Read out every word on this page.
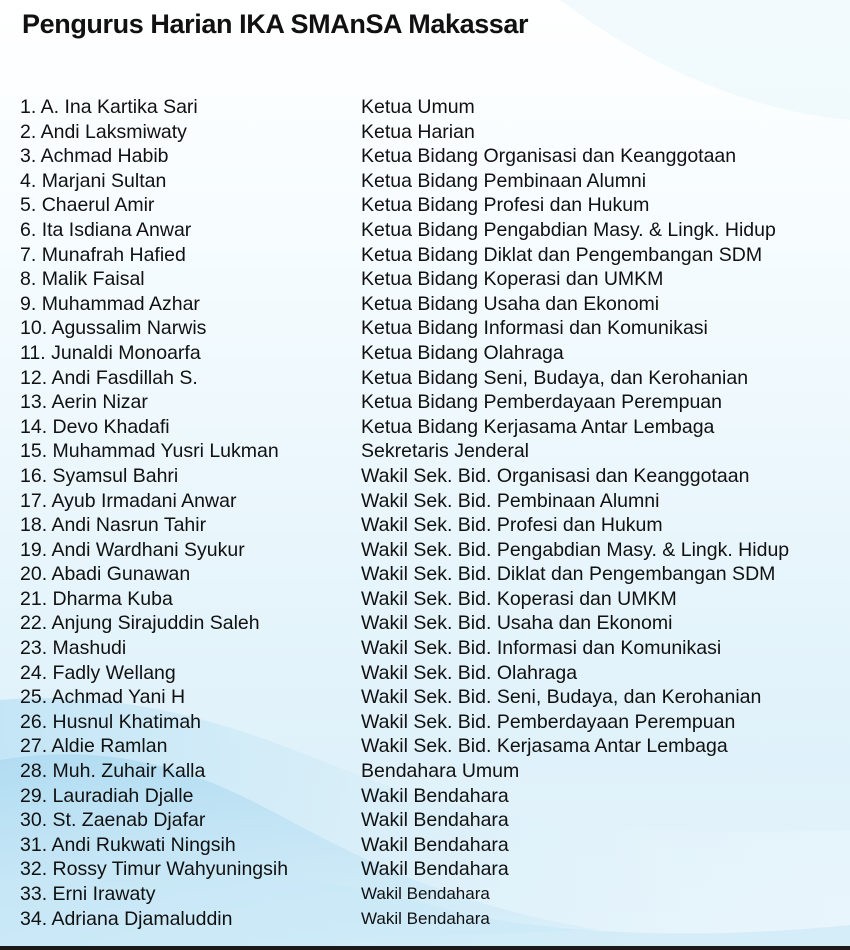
Pengurus Harian IKA SMAnSA Makassar
1. A. Ina Kartika Sari	Ketua Umum
2. Andi Laksmiwaty	Ketua Harian
3. Achmad Habib	Ketua Bidang Organisasi dan Keanggotaan
4. Marjani Sultan	Ketua Bidang Pembinaan Alumni
5. Chaerul Amir	Ketua Bidang Profesi dan Hukum
6. Ita Isdiana Anwar	Ketua Bidang Pengabdian Masy. & Lingk. Hidup
7. Munafrah Hafied	Ketua Bidang Diklat dan Pengembangan SDM
8. Malik Faisal	Ketua Bidang Koperasi dan UMKM
9. Muhammad Azhar	Ketua Bidang Usaha dan Ekonomi
10. Agussalim Narwis	Ketua Bidang Informasi dan Komunikasi
11. Junaldi Monoarfa	Ketua Bidang Olahraga
12. Andi Fasdillah S.	Ketua Bidang Seni, Budaya, dan Kerohanian
13. Aerin Nizar	Ketua Bidang Pemberdayaan Perempuan
14. Devo Khadafi	Ketua Bidang Kerjasama Antar Lembaga
15. Muhammad Yusri Lukman	Sekretaris Jenderal
16. Syamsul Bahri	Wakil Sek. Bid. Organisasi dan Keanggotaan
17. Ayub Irmadani Anwar	Wakil Sek. Bid. Pembinaan Alumni
18. Andi Nasrun Tahir	Wakil Sek. Bid. Profesi dan Hukum
19. Andi Wardhani Syukur	Wakil Sek. Bid. Pengabdian Masy. & Lingk. Hidup
20. Abadi Gunawan	Wakil Sek. Bid. Diklat dan Pengembangan SDM
21. Dharma Kuba	Wakil Sek. Bid. Koperasi dan UMKM
22. Anjung Sirajuddin Saleh	Wakil Sek. Bid. Usaha dan Ekonomi
23. Mashudi	Wakil Sek. Bid. Informasi dan Komunikasi
24. Fadly Wellang	Wakil Sek. Bid. Olahraga
25. Achmad Yani H	Wakil Sek. Bid. Seni, Budaya, dan Kerohanian
26. Husnul Khatimah	Wakil Sek. Bid. Pemberdayaan Perempuan
27. Aldie Ramlan	Wakil Sek. Bid. Kerjasama Antar Lembaga
28. Muh. Zuhair Kalla	Bendahara Umum
29. Lauradiah Djalle	Wakil Bendahara
30. St. Zaenab Djafar	Wakil Bendahara
31. Andi Rukwati Ningsih	Wakil Bendahara
32. Rossy Timur Wahyuningsih	Wakil Bendahara
33. Erni Irawaty	Wakil Bendahara
34. Adriana Djamaluddin	Wakil Bendahara
